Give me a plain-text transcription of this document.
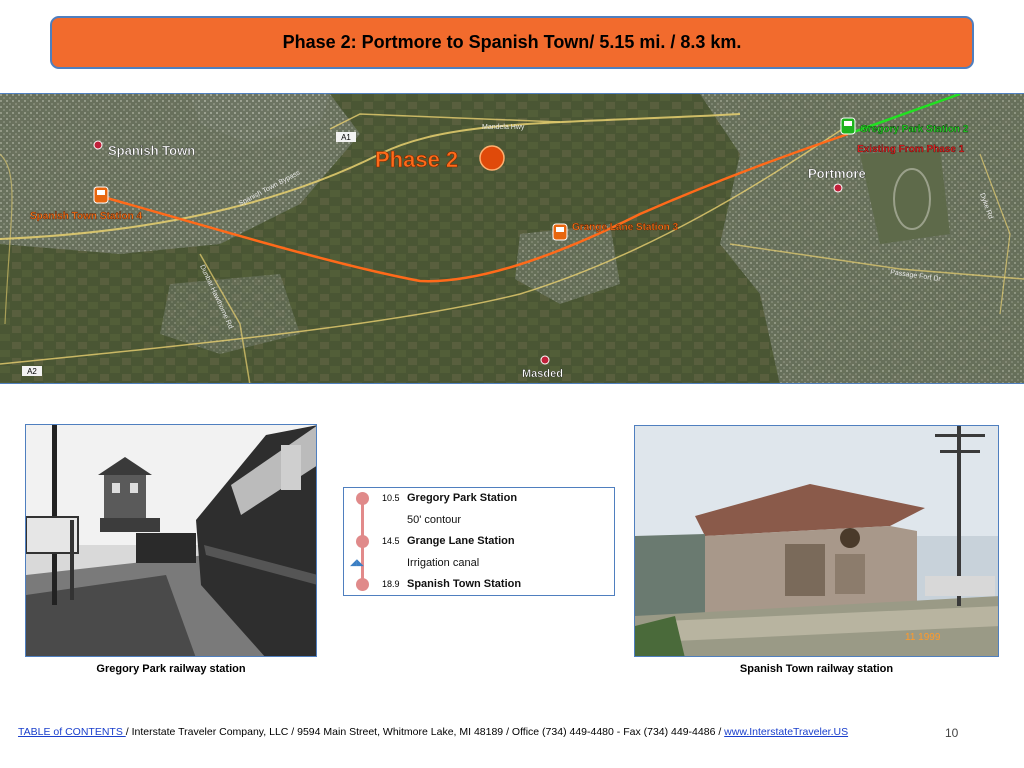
Phase 2: Portmore to Spanish Town / 5.15 mi. / 8.3 km.
A1
A2
Mandela Hwy
Spanish Town Bypass
Dunbar Hawthorne Rd	Passage Fort Dr
Dyke Rd
Phase 2
Spanish Town
Portmore
Masded
Spanish Town Station 4
Grange Lane Station 3
Gregory Park Station 2
Existing From Phase 1
Gregory Park railway station
◢◣
10.5 Gregory Park Station
50' contour
14.5 Grange Lane Station
Irrigation canal
18.9 Spanish Town Station
11 1999
Spanish Town railway station
TABLE of CONTENTS / Interstate Traveler Company, LLC / 9594 Main Street, Whitmore Lake, MI 48189 / Office (734) 449-4480 - Fax (734) 449-4486 / www.InterstateTraveler.US	10
